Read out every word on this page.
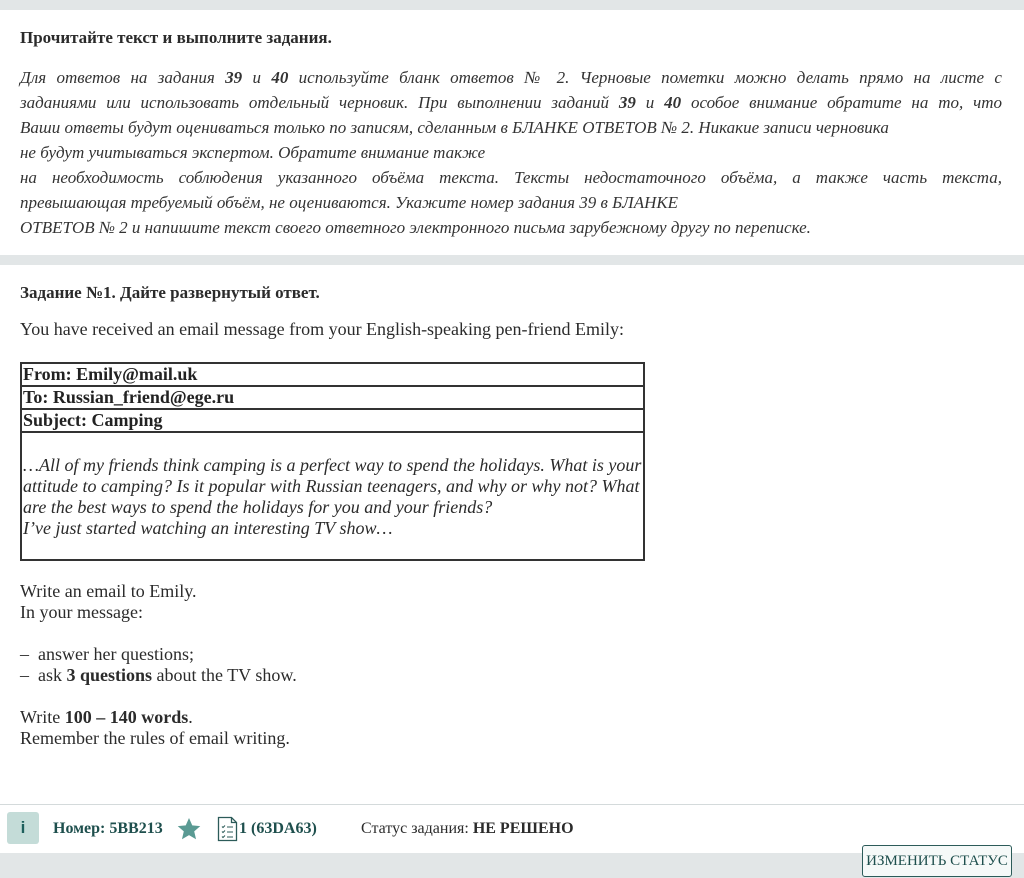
Прочитайте текст и выполните задания.

Для ответов на задания 39 и 40 используйте бланк ответов № 2. Черновые пометки можно делать прямо на листе с
заданиями или использовать отдельный черновик. При выполнении заданий 39 и 40 особое внимание обратите на то, что
Ваши ответы будут оцениваться только по записям, сделанным в БЛАНКЕ ОТВЕТОВ № 2. Никакие записи черновика
не будут учитываться экспертом. Обратите внимание также
на необходимость соблюдения указанного объёма текста. Тексты недостаточного объёма, а также часть текста,
превышающая требуемый объём, не оцениваются. Укажите номер задания 39 в БЛАНКЕ
ОТВЕТОВ № 2 и напишите текст своего ответного электронного письма зарубежному другу по переписке.

Задание №1. Дайте развернутый ответ.

You have received an email message from your English-speaking pen-friend Emily:

From: Emily@mail.uk
To: Russian_friend@ege.ru
Subject: Camping
…All of my friends think camping is a perfect way to spend the holidays. What is your
attitude to camping? Is it popular with Russian teenagers, and why or why not? What
are the best ways to spend the holidays for you and your friends?
I’ve just started watching an interesting TV show…

Write an email to Emily.
In your message:

– answer her questions;
– ask 3 questions about the TV show.

Write 100 – 140 words.
Remember the rules of email writing.

i	Номер: 5BB213	1 (63DA63)	Статус задания: НЕ РЕШЕНО
ИЗМЕНИТЬ СТАТУС
